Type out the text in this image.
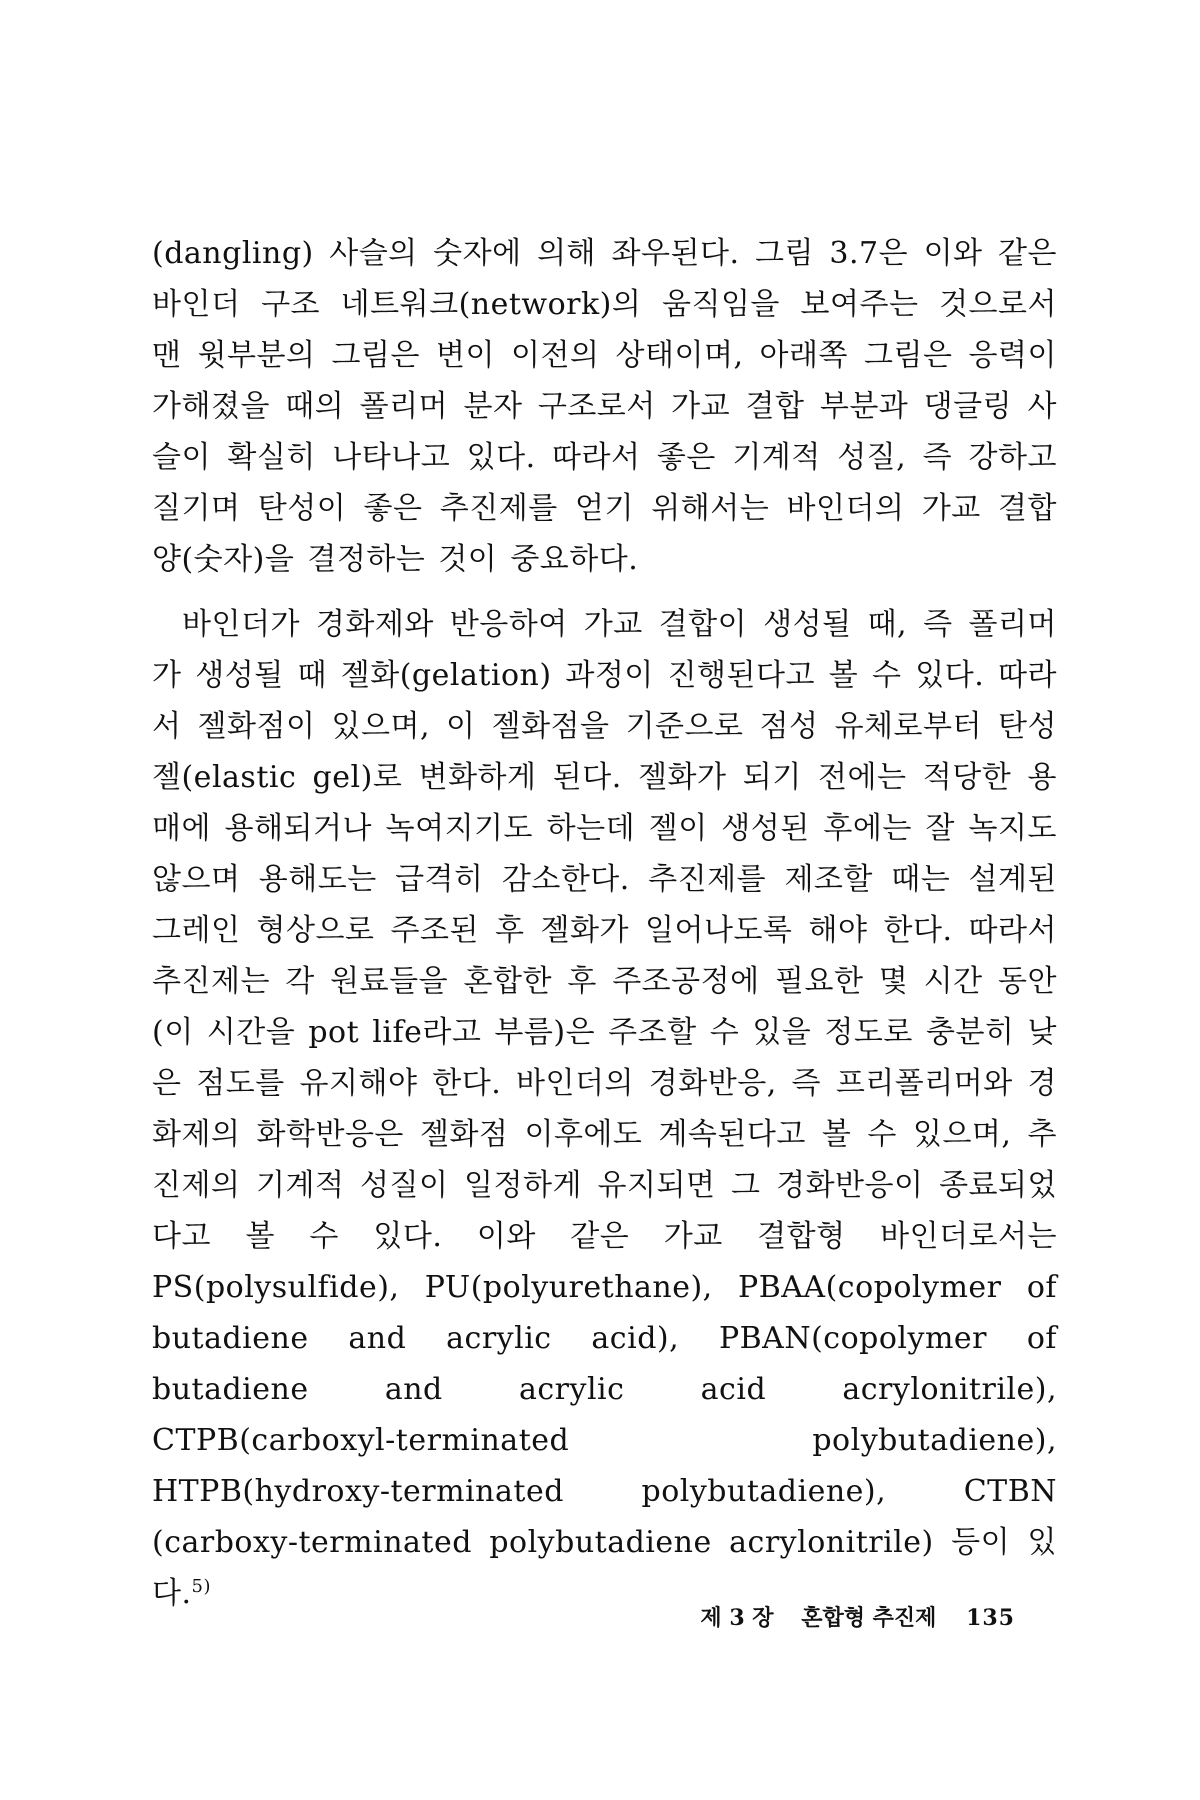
(dangling) 사슬의 숫자에 의해 좌우된다. 그림 3.7은 이와 같은 바인더 구조 네트워크(network)의 움직임을 보여주는 것으로서 맨 윗부분의 그림은 변이 이전의 상태이며, 아래쪽 그림은 응력이 가해졌을 때의 폴리머 분자 구조로서 가교 결합 부분과 댕글링 사슬이 확실히 나타나고 있다. 따라서 좋은 기계적 성질, 즉 강하고 질기며 탄성이 좋은 추진제를 얻기 위해서는 바인더의 가교 결합 양(숫자)을 결정하는 것이 중요하다.

바인더가 경화제와 반응하여 가교 결합이 생성될 때, 즉 폴리머가 생성될 때 젤화(gelation) 과정이 진행된다고 볼 수 있다. 따라서 젤화점이 있으며, 이 젤화점을 기준으로 점성 유체로부터 탄성 젤(elastic gel)로 변화하게 된다. 젤화가 되기 전에는 적당한 용매에 용해되거나 녹여지기도 하는데 젤이 생성된 후에는 잘 녹지도 않으며 용해도는 급격히 감소한다. 추진제를 제조할 때는 설계된 그레인 형상으로 주조된 후 젤화가 일어나도록 해야 한다. 따라서 추진제는 각 원료들을 혼합한 후 주조공정에 필요한 몇 시간 동안(이 시간을 pot life라고 부름)은 주조할 수 있을 정도로 충분히 낮은 점도를 유지해야 한다. 바인더의 경화반응, 즉 프리폴리머와 경화제의 화학반응은 젤화점 이후에도 계속된다고 볼 수 있으며, 추진제의 기계적 성질이 일정하게 유지되면 그 경화반응이 종료되었다고 볼 수 있다. 이와 같은 가교 결합형 바인더로서는 PS(polysulfide), PU(polyurethane), PBAA(copolymer of butadiene and acrylic acid), PBAN(copolymer of butadiene and acrylic acid acrylonitrile), CTPB(carboxyl-terminated polybutadiene), HTPB(hydroxy-terminated polybutadiene), CTBN (carboxy-terminated polybutadiene acrylonitrile) 등이 있다.$^{5)}$

제 3 장 혼합형 추진제 135
